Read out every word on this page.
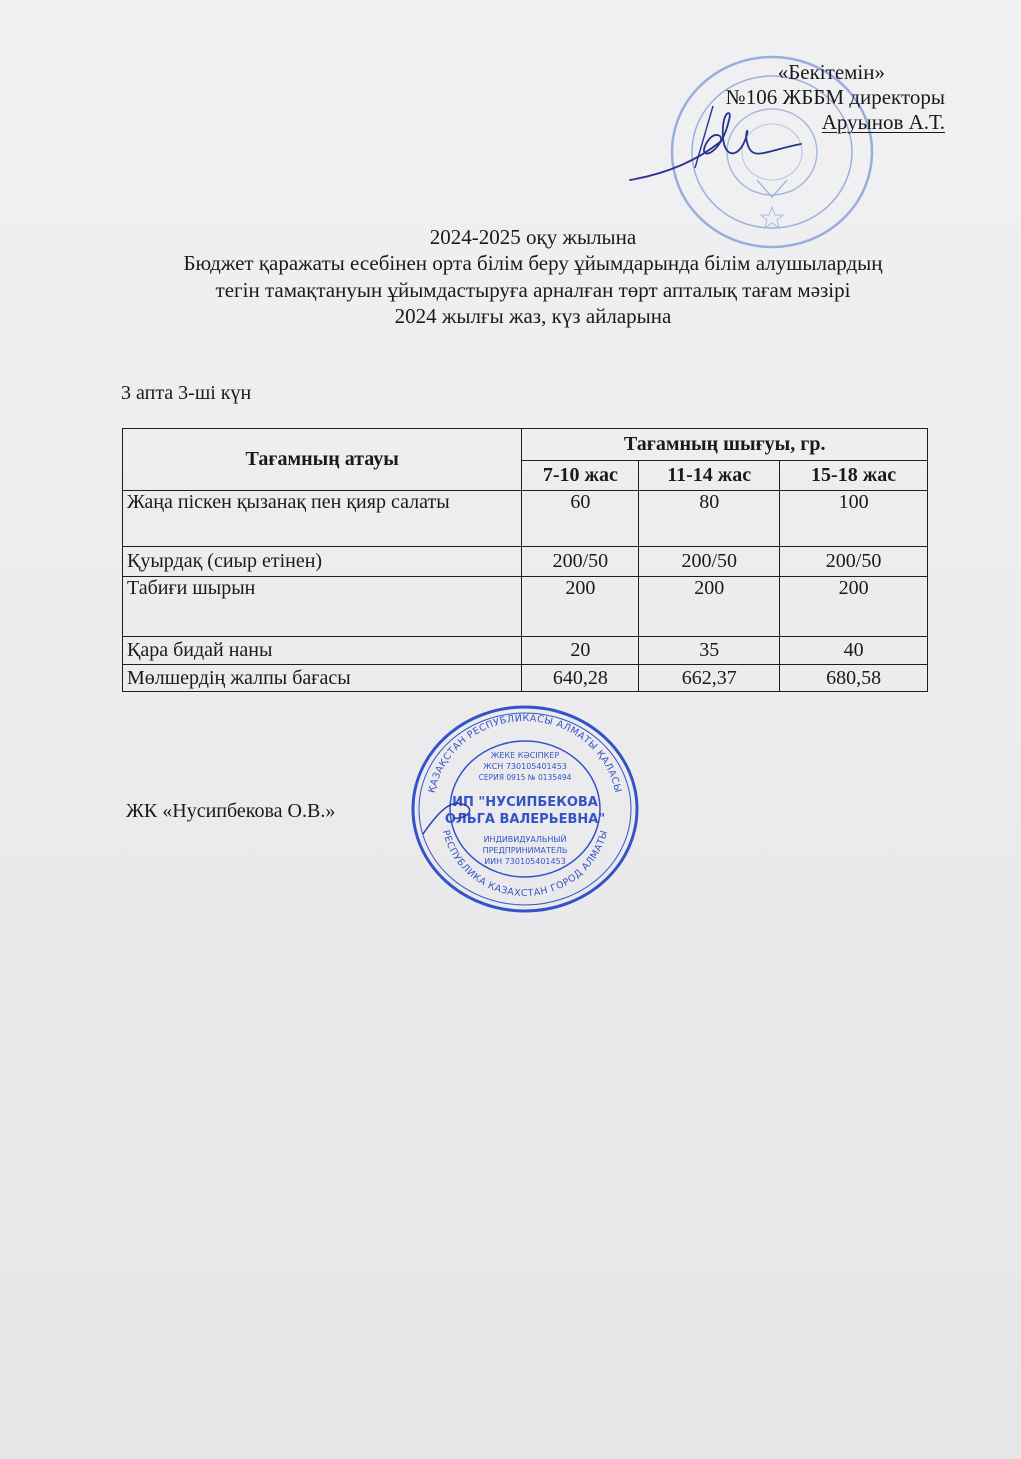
«Бекітемін»
№106 ЖББМ директоры
Аруынов А.Т.
2024-2025 оқу жылына
Бюджет қаражаты есебінен орта білім беру ұйымдарында білім алушылардың
тегін тамақтануын ұйымдастыруға арналған төрт апталық тағам мәзірі
2024 жылғы жаз, күз айларына
3 апта 3-ші күн
Тағамның атауы	Тағамның шығуы, гр.		
	7-10 жас	11-14 жас	15-18 жас
Жаңа піскен қызанақ пен қияр салаты	60	80	100
Қуырдақ (сиыр етінен)	200/50	200/50	200/50
Табиғи шырын	200	200	200
Қара бидай наны	20	35	40
Мөлшердің жалпы бағасы	640,28	662,37	680,58
ЖК «Нусипбекова О.В.»
ҚАЗАҚСТАН РЕСПУБЛИКАСЫ АЛМАТЫ ҚАЛАСЫ
РЕСПУБЛИКА КАЗАХСТАН ГОРОД АЛМАТЫ
ЖЕКЕ КӘСІПКЕР
ЖСН 730105401453
СЕРИЯ 0915 № 0135494
ИП "НУСИПБЕКОВА
ОЛЬГА ВАЛЕРЬЕВНА"
ИНДИВИДУАЛЬНЫЙ
ПРЕДПРИНИМАТЕЛЬ
ИИН 730105401453
